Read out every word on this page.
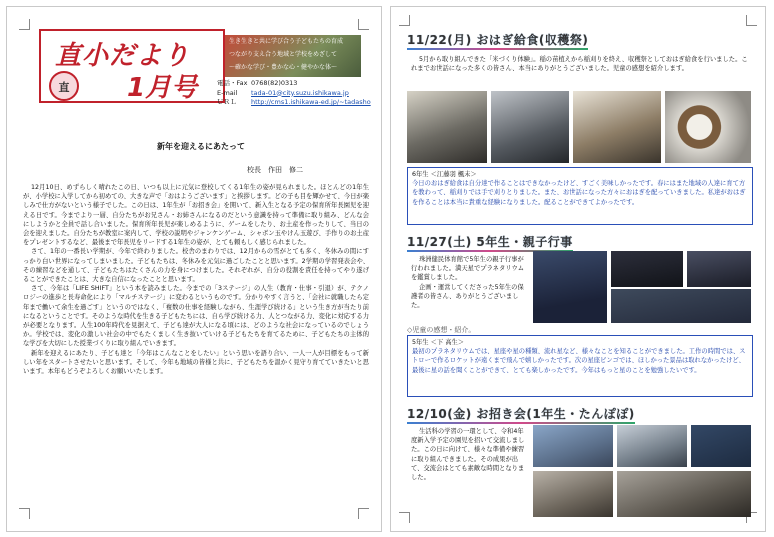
直小だより
1月号
直
生き生きと共に学び合う子どもたちの育成
つながり支え合う地域と学校をめざして
～確かな学び・豊かな心・健やかな体～
電話・Fax 0768(82)0313
E-mail tada-01@city.suzu.ishikawa.jp
ＵＲＬ http://cms1.ishikawa-ed.jp/~tadasho
新年を迎えるにあたって
校長　作田　修二

12月10日、めずらしく晴れたこの日、いつも以上に元気に登校してくる1年生の姿が見られました。ほとんどの1年生が、小学校に入学してから初めての、大きな声で「おはようございます」と挨拶します。どの子も目を輝かせて、今日が楽しみで仕方がないという様子でした。この日は、1年生が「お招き会」を開いて、新入生となる予定の保育所年長園児を迎える日です。今までより一層、自分たちがお兄さん・お姉さんになるのだという意識を持って準備に取り組み、どんな会にしようかと全員で話し合いました。保育所年長児が楽しめるように、ゲームをしたり、お土産を作ったりして、当日の会を迎えました。自分たちが教室に案内して、学校の説明やジャンケンゲーム、シャボン玉やけん玉遊び、手作りのお土産をプレゼントするなど、最後まで年長児をリードする1年生の姿が、とても頼もしく感じられました。

さて、1年の一番長い学期が、今年で終わりました。校舎のまわりでは、12月からの雪がとても多く、冬休みの間にすっかり白い世界になってしまいました。子どもたちは、冬休みを元気に過ごしたことと思います。2学期の学習発表会や、その練習などを通して、子どもたちはたくさんの力を身につけました。それぞれが、自分の役割を責任を持ってやり遂げることができたことは、大きな自信になったことと思います。

さて、今年は「LIFE SHIFT」という本を読みました。今までの「3ステージ」の人生（教育・仕事・引退）が、テクノロジーの進歩と長寿命化により「マルチステージ」に変わるというものです。分かりやすく言うと、「会社に就職したら定年まで働いて余生を過ごす」というのではなく、「複数の仕事を経験しながら、生涯学び続ける」という生き方が当たり前になるということです。そのような時代を生きる子どもたちには、自ら学び続ける力、人とつながる力、変化に対応する力が必要となります。人生100年時代を見据えて、子ども達が大人になる頃には、どのような社会になっているのでしょうか。学校では、変化の激しい社会の中でもたくましく生き抜いていける子どもたちを育てるために、子どもたちの主体的な学びを大切にした授業づくりに取り組んでいきます。

新年を迎えるにあたり、子ども達と「今年はこんなことをしたい」という思いを語り合い、一人一人が目標をもって新しい年をスタートさせたいと思います。そして、今年も地域の皆様と共に、子どもたちを温かく見守り育てていきたいと思います。本年もどうぞよろしくお願いいたします。

11/22(月) おはぎ給食(収穫祭)

5月から取り組んできた「米づくり体験」。稲の苗植えから稲刈りを終え、収穫祭としておはぎ給食を行いました。これまでお世話になった多くの皆さん、本当にありがとうございました。児童の感想を紹介します。

6年生 ＜江藤羽 楓未＞
今日のおはぎ給食は自分達で作ることはできなかったけど、すごく美味しかったです。春にはまた地域の人達に育て方を教わって、稲刈りでは手で刈りとりました。また、お世話になった方々におはぎを配っていきました。私達がおはぎを作ることは本当に貴重な経験になりました。配ることができてよかったです。
11/27(土) 5年生・親子行事

珠洲健民体育館で5年生の親子行事が行われました。満天星でプラネタリウムを鑑賞しました。

企画・運営してくださった5年生の保護者の皆さん、ありがとうございました。

◇児童の感想・紹介。
5年生 ＜下 高生＞
最初のプラネタリウムでは、星座や星の種類、流れ星など、様々なことを知ることができました。工作の時間では、ストローで作るロケットが遠くまで飛んで嬉しかったです。次の星座ビンゴでは、ほしかった景品は取れなかったけど、最後に星の話を聞くことができて、とても楽しかったです。今年はもっと星のことを勉強したいです。
12/10(金) お招き会(1年生・たんぽぽ)

生活科の学習の一環として、令和4年度新入学予定の園児を招いて交流しました。この日に向けて、様々な準備や練習に取り組んできました。その成果が出て、交流会はとても素敵な時間となりました。
